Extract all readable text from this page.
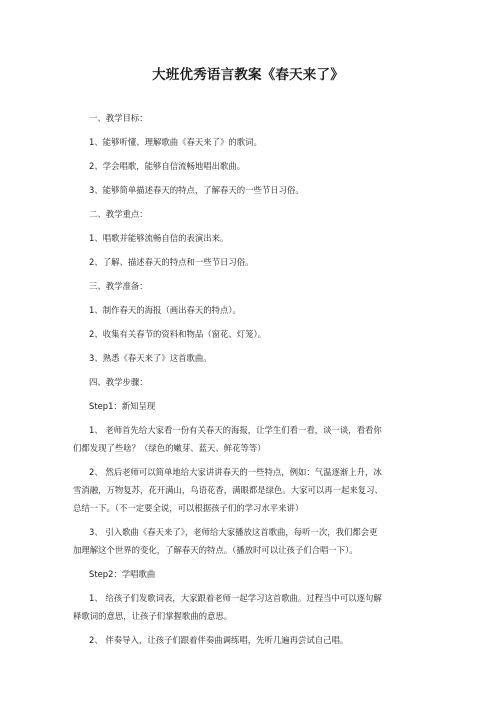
大班优秀语言教案《春天来了》
一、教学目标：
1、能够听懂、理解歌曲《春天来了》的歌词。
2、学会唱歌，能够自信流畅地唱出歌曲。
3、能够简单描述春天的特点，了解春天的一些节日习俗。
二、教学重点：
1、唱歌并能够流畅自信的表演出来。
2、了解、描述春天的特点和一些节日习俗。
三、教学准备：
1、制作春天的海报（画出春天的特点）。
2、收集有关春节的资料和物品（窗花、灯笼）。
3、熟悉《春天来了》这首歌曲。
四、教学步骤：
Step1：新知呈现
1、 老师首先给大家看一份有关春天的海报，让学生们看一看，谈一谈，看看你
们都发现了些啥？（绿色的嫩芽、蓝天、鲜花等等）
2、 然后老师可以简单地给大家讲讲春天的一些特点，例如：气温逐渐上升，冰
雪消融，万物复苏，花开满山，鸟语花香，满眼都是绿色。大家可以再一起来复习、
总结一下。（不一定要全说，可以根据孩子们的学习水平来讲）
3、 引入歌曲《春天来了》，老师给大家播放这首歌曲，每听一次，我们都会更
加理解这个世界的变化，了解春天的特点。（播放时可以让孩子们合唱一下）。
Step2：学唱歌曲
1、 给孩子们发歌词表，大家跟着老师一起学习这首歌曲。过程当中可以逐句解
释歌词的意思，让孩子们掌握歌曲的意思。
2、 伴奏导入，让孩子们跟着伴奏曲调练唱，先听几遍再尝试自己唱。
